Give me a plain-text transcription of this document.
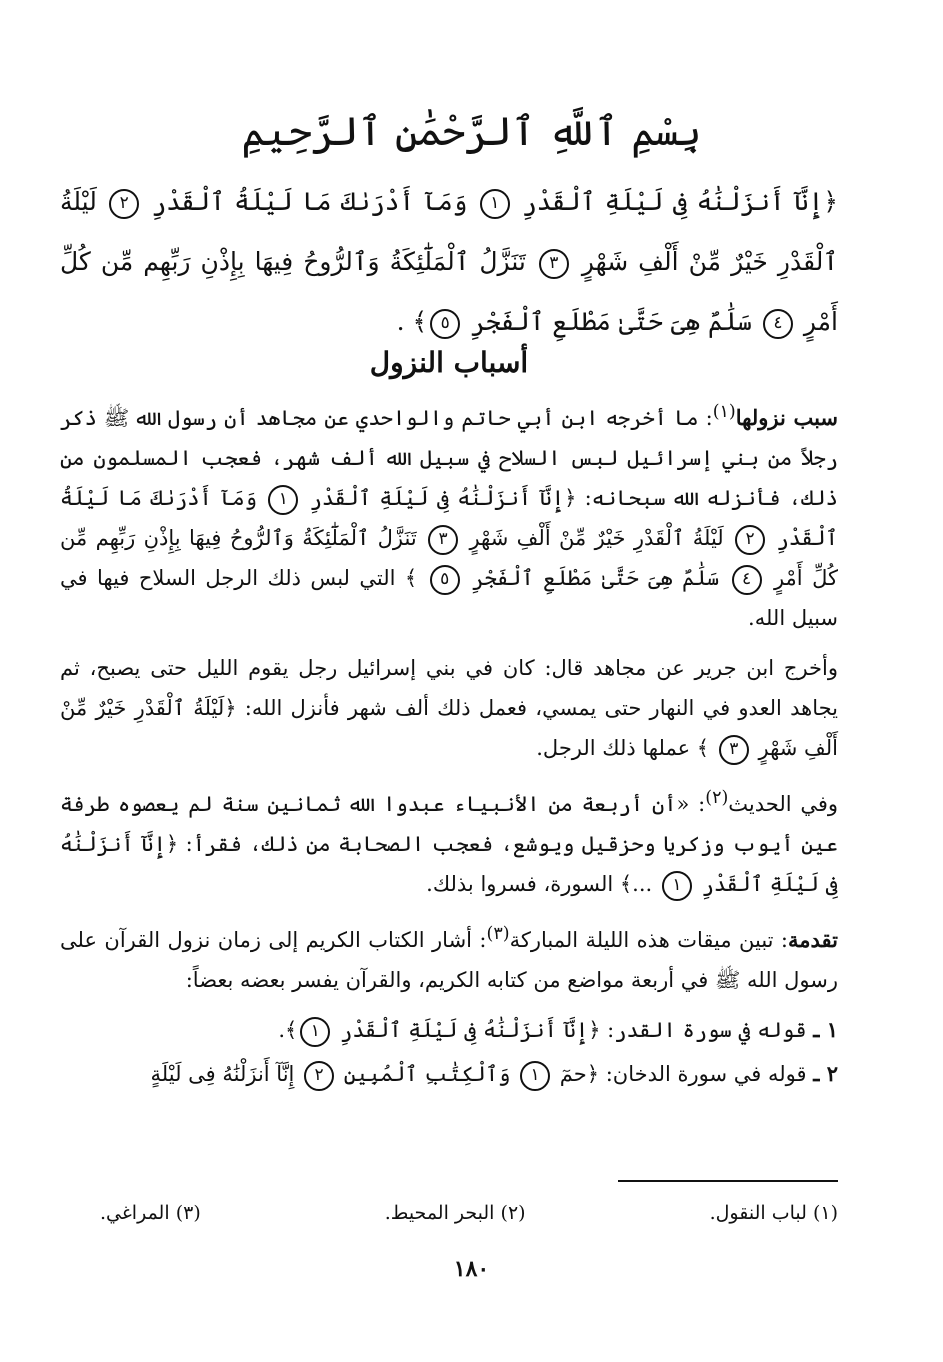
بِسْمِ ٱللَّهِ ٱلرَّحْمَٰنِ ٱلرَّحِيمِ
﴿إِنَّآ أَنزَلْنَٰهُ فِى لَيْلَةِ ٱلْقَدْرِ ١ وَمَآ أَدْرَىٰكَ مَا لَيْلَةُ ٱلْقَدْرِ ٢ لَيْلَةُ ٱلْقَدْرِ خَيْرٌ مِّنْ أَلْفِ شَهْرٍ ٣ تَنَزَّلُ ٱلْمَلَٰٓئِكَةُ وَٱلرُّوحُ فِيهَا بِإِذْنِ رَبِّهِم مِّن كُلِّ أَمْرٍ ٤ سَلَٰمٌ هِىَ حَتَّىٰ مَطْلَعِ ٱلْفَجْرِ ٥﴾ .
أسباب النزول

سبب نزولها$^{(١)}$: ما أخرجه ابن أبي حاتم والواحدي عن مجاهد أن رسول الله ﷺ ذكر رجلاً من بني إسرائيل لبس السلاح في سبيل الله ألف شهر، فعجب المسلمون من ذلك، فأنزله الله سبحانه: ﴿إِنَّآ أَنزَلْنَٰهُ فِى لَيْلَةِ ٱلْقَدْرِ ١ وَمَآ أَدْرَىٰكَ مَا لَيْلَةُ ٱلْقَدْرِ ٢ لَيْلَةُ ٱلْقَدْرِ خَيْرٌ مِّنْ أَلْفِ شَهْرٍ ٣ تَنَزَّلُ ٱلْمَلَٰٓئِكَةُ وَٱلرُّوحُ فِيهَا بِإِذْنِ رَبِّهِم مِّن كُلِّ أَمْرٍ ٤ سَلَٰمٌ هِىَ حَتَّىٰ مَطْلَعِ ٱلْفَجْرِ ٥ ﴾ التي لبس ذلك الرجل السلاح فيها في سبيل الله.

وأخرج ابن جرير عن مجاهد قال: كان في بني إسرائيل رجل يقوم الليل حتى يصبح، ثم يجاهد العدو في النهار حتى يمسي، فعمل ذلك ألف شهر فأنزل الله: ﴿لَيْلَةُ ٱلْقَدْرِ خَيْرٌ مِّنْ أَلْفِ شَهْرٍ ٣ ﴾ عملها ذلك الرجل.

وفي الحديث$^{(٢)}$: «أن أربعة من الأنبياء عبدوا الله ثمانين سنة لم يعصوه طرفة عين أيوب وزكريا وحزقيل ويوشع، فعجب الصحابة من ذلك، فقرأ: ﴿إِنَّآ أَنزَلْنَٰهُ فِى لَيْلَةِ ٱلْقَدْرِ ١ ...﴾ السورة، فسروا بذلك.

تقدمة: تبين ميقات هذه الليلة المباركة$^{(٣)}$: أشار الكتاب الكريم إلى زمان نزول القرآن على رسول الله ﷺ في أربعة مواضع من كتابه الكريم، والقرآن يفسر بعضه بعضاً:

١ ـ قوله في سورة القدر: ﴿إِنَّآ أَنزَلْنَٰهُ فِى لَيْلَةِ ٱلْقَدْرِ ١﴾.
٢ ـ قوله في سورة الدخان: ﴿حمٓ ١ وَٱلْكِتَٰبِ ٱلْمُبِينِ ٢ إِنَّآ أَنزَلْنَٰهُ فِى لَيْلَةٍ
(١) لباب النقول.
(٢) البحر المحيط.
(٣) المراغي.
١٨٠
